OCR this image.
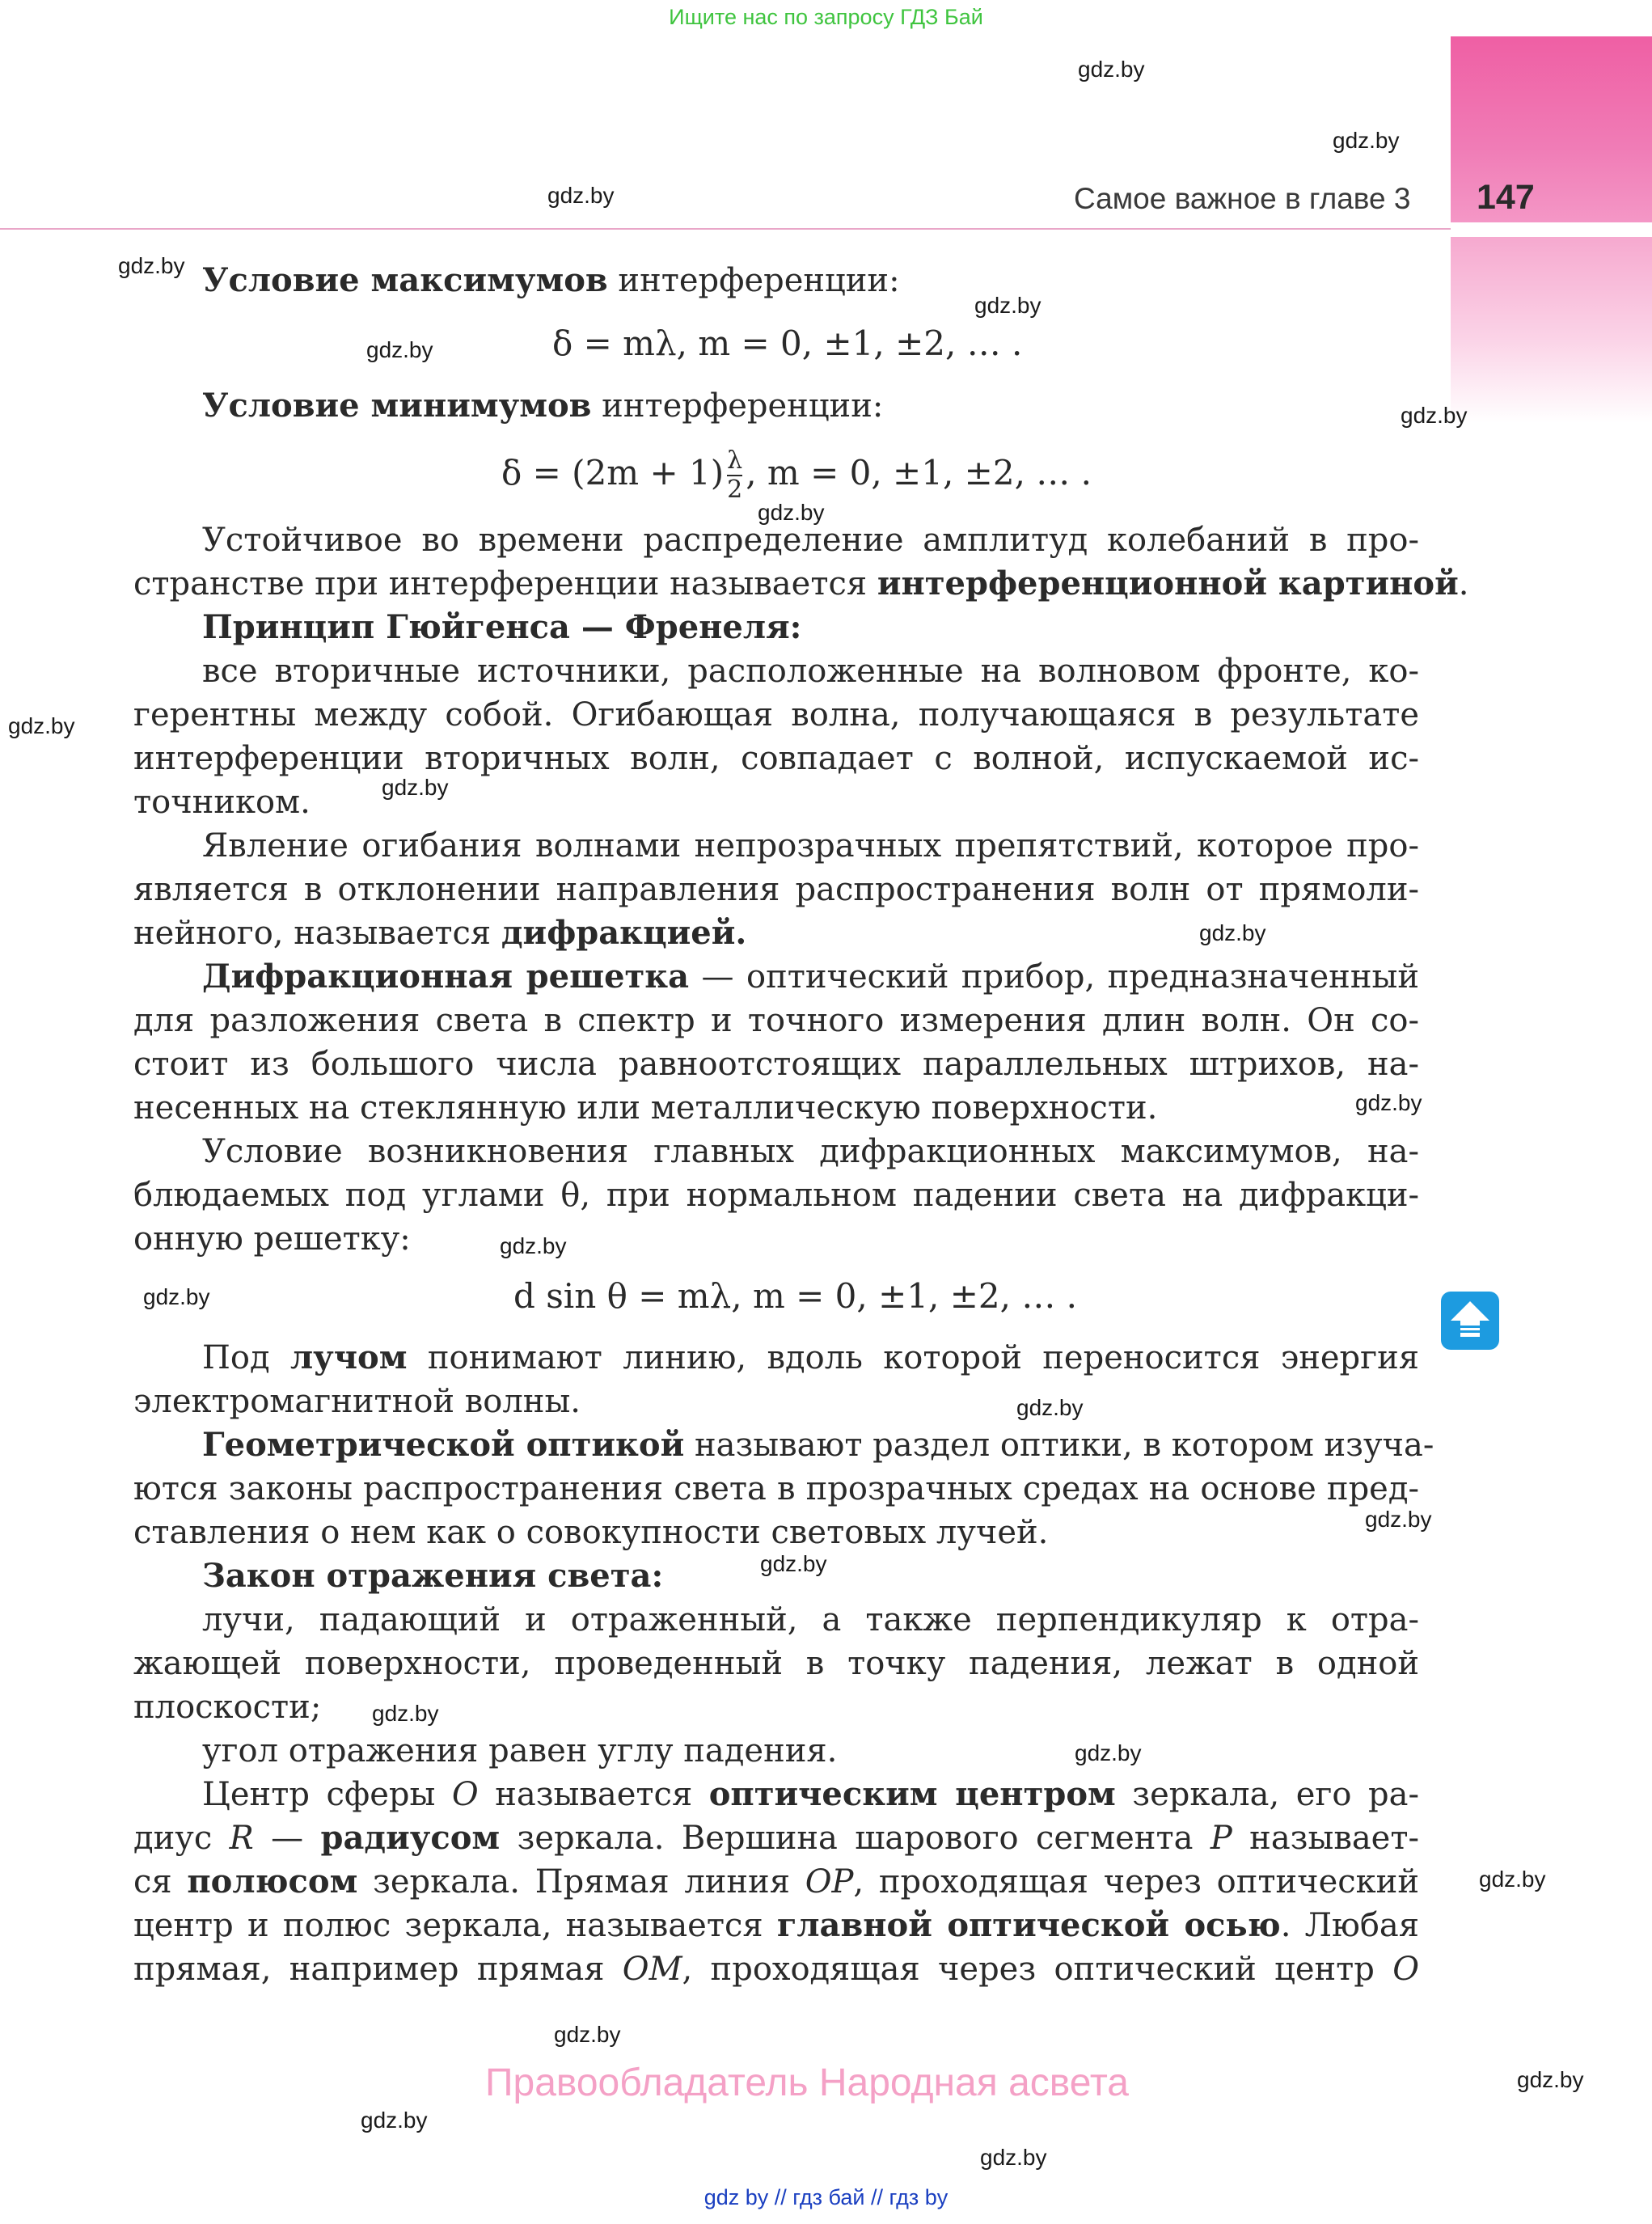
Ищите нас по запросу ГДЗ Бай
Самое важное в главе 3 147
gdz.by
gdz.by
gdz.by
gdz.by
gdz.by
gdz.by
gdz.by
gdz.by
gdz.by
gdz.by
gdz.by
gdz.by
gdz.by
gdz.by
gdz.by
gdz.by
gdz.by
gdz.by
gdz.by
gdz.by
gdz.by
gdz.by
gdz.by
gdz.by
Условие максимумов интерференции:
δ = mλ, m = 0, ±1, ±2, … .
Условие минимумов интерференции:
$\delta = (2m + 1) \frac{\lambda}{2}$ , m = 0, ±1, ±2, … .
Устойчивое во времени распределение амплитуд колебаний в про-
странстве при интерференции называется интерференционной картиной.
Принцип Гюйгенса — Френеля:
все вторичные источники, расположенные на волновом фронте, ко-
герентны между собой. Огибающая волна, получающаяся в результате
интерференции вторичных волн, совпадает с волной, испускаемой ис-
точником.
Явление огибания волнами непрозрачных препятствий, которое про-
является в отклонении направления распространения волн от прямоли-
нейного, называется дифракцией.
Дифракционная решетка — оптический прибор, предназначенный
для разложения света в спектр и точного измерения длин волн. Он со-
стоит из большого числа равноотстоящих параллельных штрихов, на-
несенных на стеклянную или металлическую поверхности.
Условие возникновения главных дифракционных максимумов, на-
блюдаемых под углами θ, при нормальном падении света на дифракци-
онную решетку:
d sin θ = mλ, m = 0, ±1, ±2, … .
Под лучом понимают линию, вдоль которой переносится энергия
электромагнитной волны.
Геометрической оптикой называют раздел оптики, в котором изуча-
ются законы распространения света в прозрачных средах на основе пред-
ставления о нем как о совокупности световых лучей.
Закон отражения света:
лучи, падающий и отраженный, а также перпендикуляр к отра-
жающей поверхности, проведенный в точку падения, лежат в одной
плоскости;
угол отражения равен углу падения.
Центр сферы O называется оптическим центром зеркала, его ра-
диус R — радиусом зеркала. Вершина шарового сегмента P называет-
ся полюсом зеркала. Прямая линия OP, проходящая через оптический
центр и полюс зеркала, называется главной оптической осью. Любая
прямая, например прямая OM, проходящая через оптический центр O
Правообладатель Народная асвета
gdz by // гдз бай // гдз by
